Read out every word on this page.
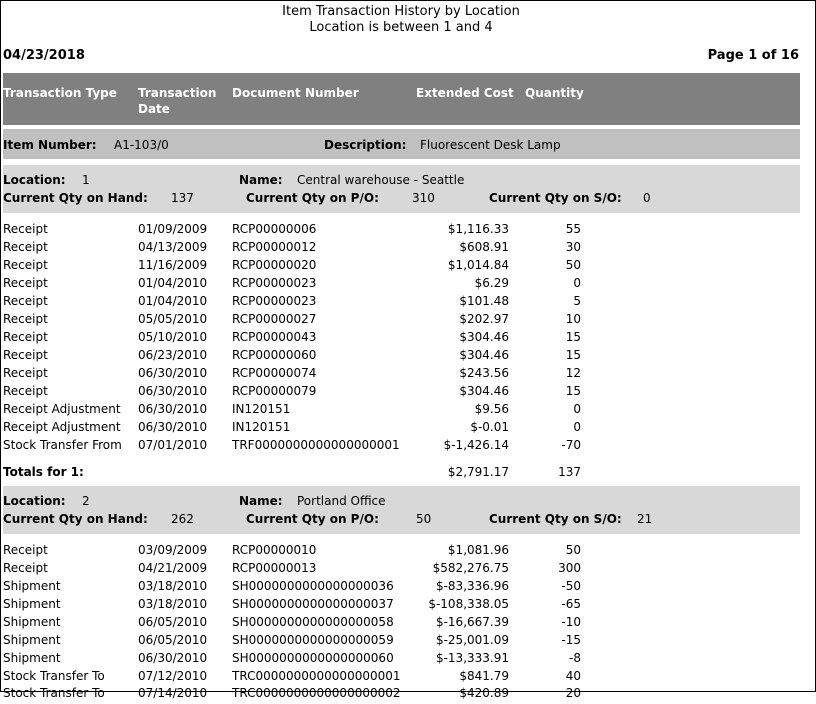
Item Transaction History by Location
Location is between 1 and 4
04/23/2018	Page 1 of 16
Transaction Type Transaction
Date
Document Number	Extended Cost Quantity
Item Number: A1-103/0	Description: Fluorescent Desk Lamp
Location: 1	Name: Central warehouse - Seattle
Current Qty on Hand: 137	Current Qty on P/O:	310	Current Qty on S/O: 0
Receipt	01/09/2009 RCP00000006	$1,116.33	55
Receipt	04/13/2009 RCP00000012	$608.91	30
Receipt	11/16/2009 RCP00000020	$1,014.84	50
Receipt	01/04/2010 RCP00000023	$6.29	0
Receipt	01/04/2010 RCP00000023	$101.48	5
Receipt	05/05/2010 RCP00000027	$202.97	10
Receipt	05/10/2010 RCP00000043	$304.46	15
Receipt	06/23/2010 RCP00000060	$304.46	15
Receipt	06/30/2010 RCP00000074	$243.56	12
Receipt	06/30/2010 RCP00000079	$304.46	15
Receipt Adjustment 06/30/2010 IN120151	$9.56	0
Receipt Adjustment 06/30/2010 IN120151	$-0.01	0
Stock Transfer From 07/01/2010 TRF0000000000000000001	$-1,426.14	-70
Totals for 1:	$2,791.17	137
Location: 2	Name: Portland Office
Current Qty on Hand: 262	Current Qty on P/O:	50	Current Qty on S/O: 21
Receipt	03/09/2009 RCP00000010	$1,081.96	50
Receipt	04/21/2009 RCP00000013	$582,276.75	300
Shipment	03/18/2010 SH0000000000000000036	$-83,336.96	-50
Shipment	03/18/2010 SH0000000000000000037	$-108,338.05	-65
Shipment	06/05/2010 SH0000000000000000058	$-16,667.39	-10
Shipment	06/05/2010 SH0000000000000000059	$-25,001.09	-15
Shipment	06/30/2010 SH0000000000000000060	$-13,333.91	-8
Stock Transfer To	07/12/2010 TRC0000000000000000001	$841.79	40
Stock Transfer To	07/14/2010 TRC0000000000000000002	$420.89	20
